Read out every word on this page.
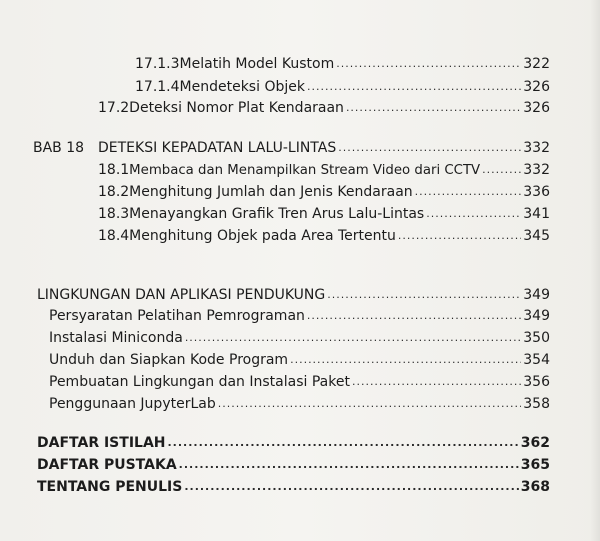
17.1.3 Melatih Model Kustom .....	322
17.1.4 Mendeteksi Objek .....	326
17.2 Deteksi Nomor Plat Kendaraan .....	326
BAB 18 DETEKSI KEPADATAN LALU-LINTAS .....	332
18.1 Membaca dan Menampilkan Stream Video dari CCTV .....	332
18.2 Menghitung Jumlah dan Jenis Kendaraan .....	336
18.3 Menayangkan Grafik Tren Arus Lalu-Lintas .....	341
18.4 Menghitung Objek pada Area Tertentu .....	345
LINGKUNGAN DAN APLIKASI PENDUKUNG .....	349
Persyaratan Pelatihan Pemrograman .....	349
Instalasi Miniconda .....	350
Unduh dan Siapkan Kode Program .....	354
Pembuatan Lingkungan dan Instalasi Paket .....	356
Penggunaan JupyterLab .....	358
DAFTAR ISTILAH .....	362
DAFTAR PUSTAKA .....	365
TENTANG PENULIS .....	368
